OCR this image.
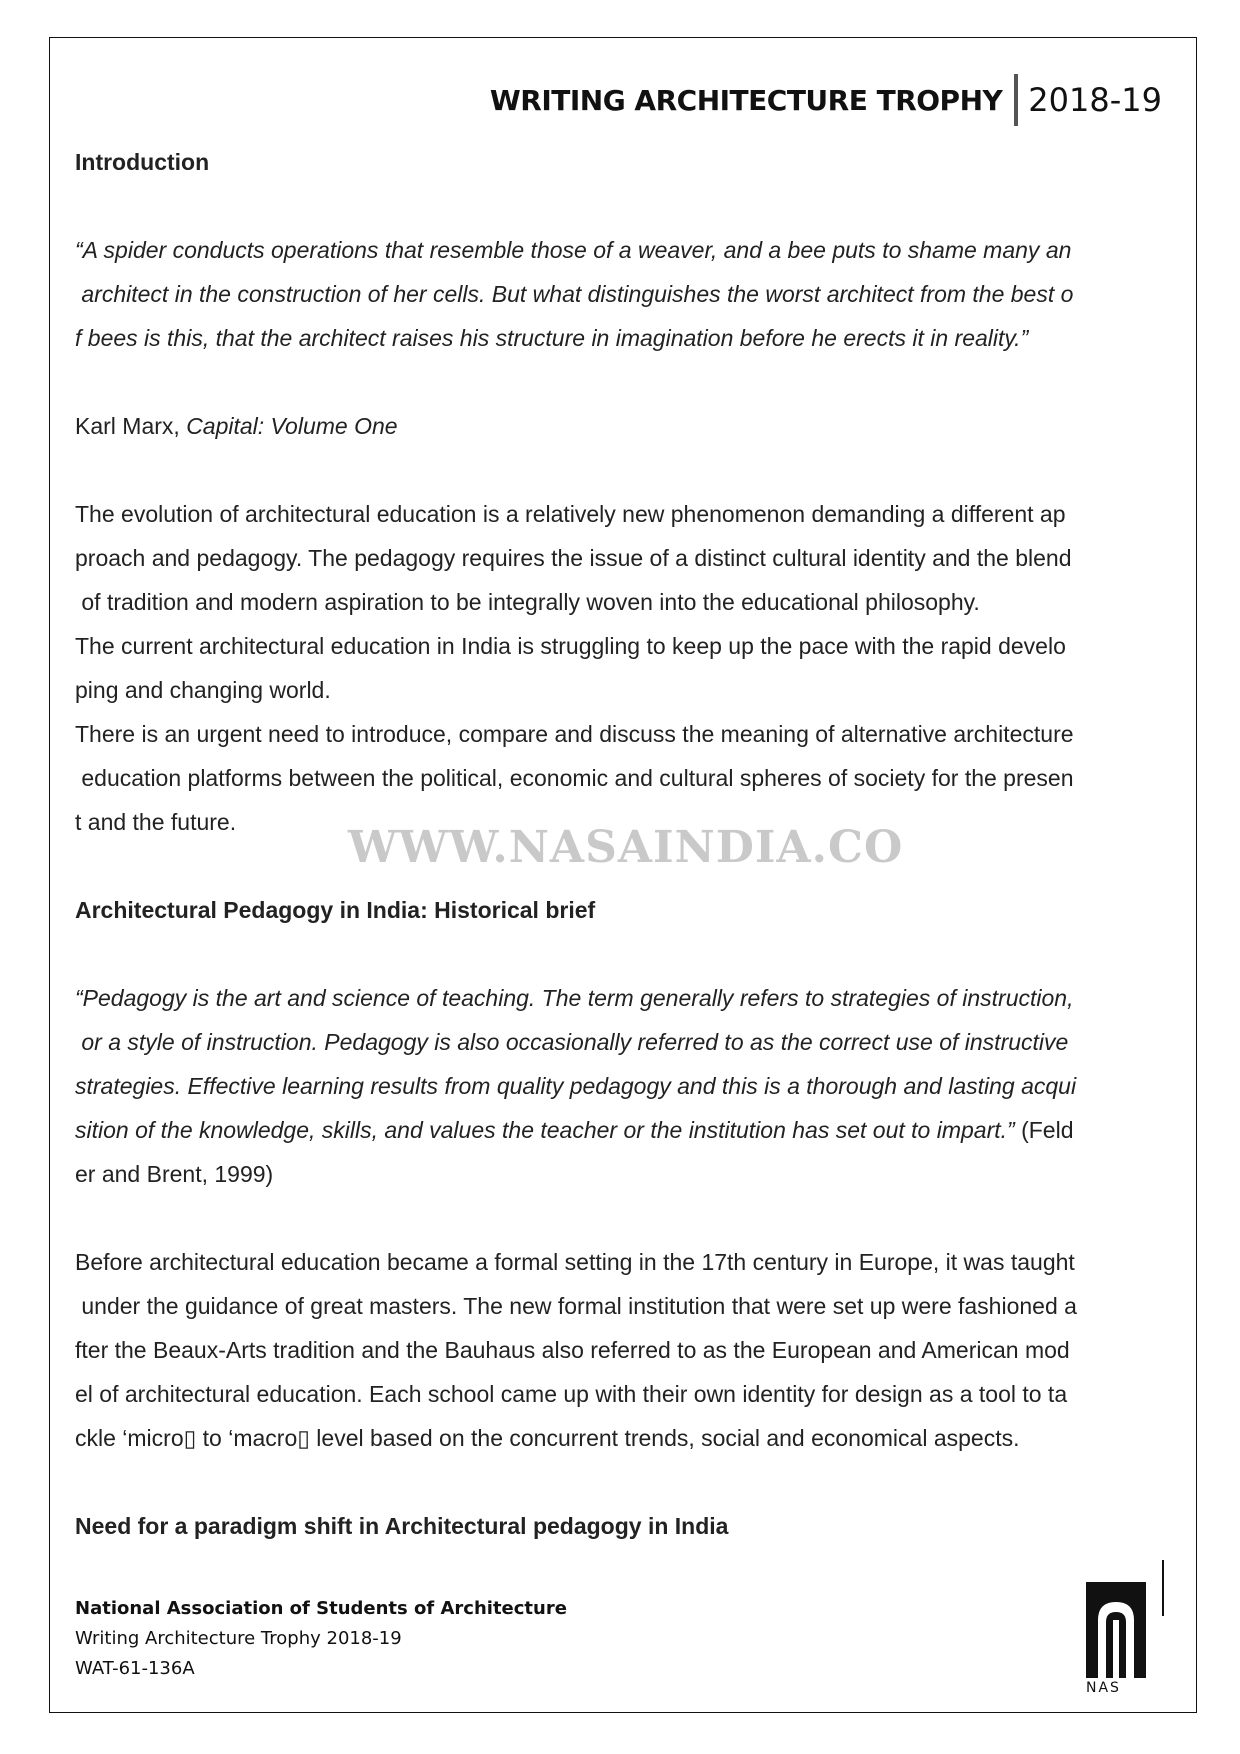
WRITING ARCHITECTURE TROPHY 2018-19

Introduction

“A spider conducts operations that resemble those of a weaver, and a bee puts to shame many an

architect in the construction of her cells. But what distinguishes the worst architect from the best o

f bees is this, that the architect raises his structure in imagination before he erects it in reality.”

Karl Marx, Capital: Volume One

The evolution of architectural education is a relatively new phenomenon demanding a different ap

proach and pedagogy. The pedagogy requires the issue of a distinct cultural identity and the blend

of tradition and modern aspiration to be integrally woven into the educational philosophy.

The current architectural education in India is struggling to keep up the pace with the rapid develo

ping and changing world.

There is an urgent need to introduce, compare and discuss the meaning of alternative architecture

education platforms between the political, economic and cultural spheres of society for the presen

t and the future.

Architectural Pedagogy in India: Historical brief

“Pedagogy is the art and science of teaching. The term generally refers to strategies of instruction,

or a style of instruction. Pedagogy is also occasionally referred to as the correct use of instructive

strategies. Effective learning results from quality pedagogy and this is a thorough and lasting acqui

sition of the knowledge, skills, and values the teacher or the institution has set out to impart.” (Feld

er and Brent, 1999)

Before architectural education became a formal setting in the 17th century in Europe, it was taught

under the guidance of great masters. The new formal institution that were set up were fashioned a

fter the Beaux-Arts tradition and the Bauhaus also referred to as the European and American mod

el of architectural education. Each school came up with their own identity for design as a tool to ta

ckle ‘micro▯ to ‘macro▯ level based on the concurrent trends, social and economical aspects.

Need for a paradigm shift in Architectural pedagogy in India

WWW.NASAINDIA.CO
National Association of Students of Architecture
Writing Architecture Trophy 2018-19
WAT-61-136A
NAS
